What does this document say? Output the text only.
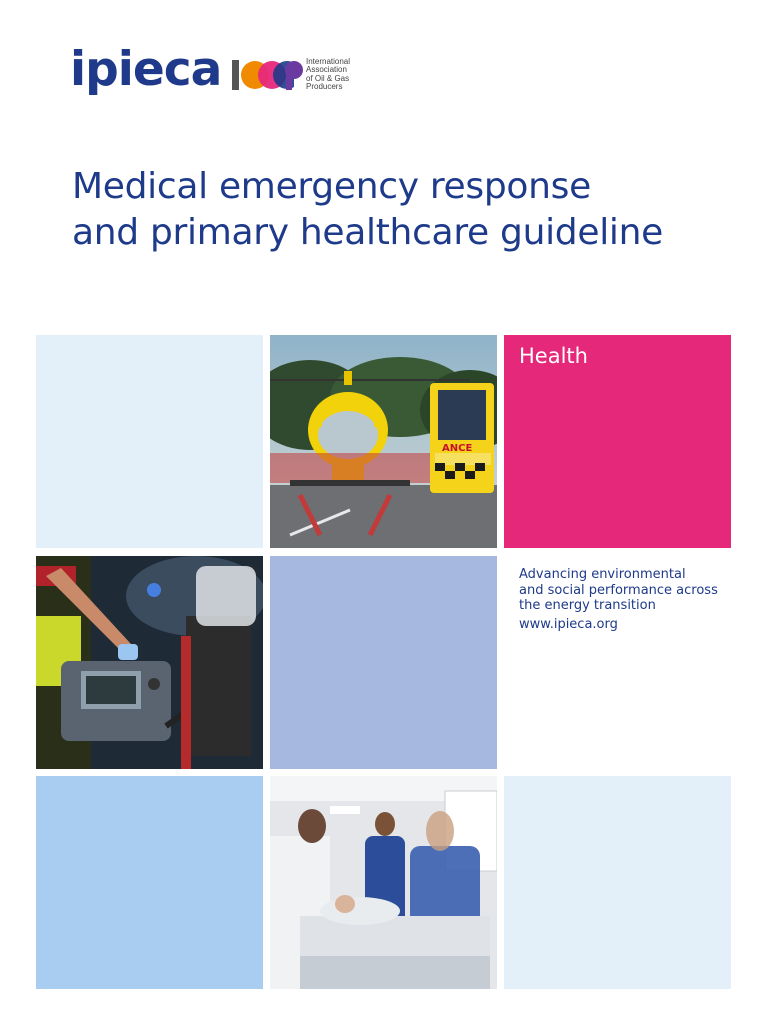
ipieca	International
Association
of Oil & Gas
Producers
Medical emergency response
and primary healthcare guideline
ANCE
Health
Advancing environmental
and social performance across
the energy transition
www.ipieca.org
